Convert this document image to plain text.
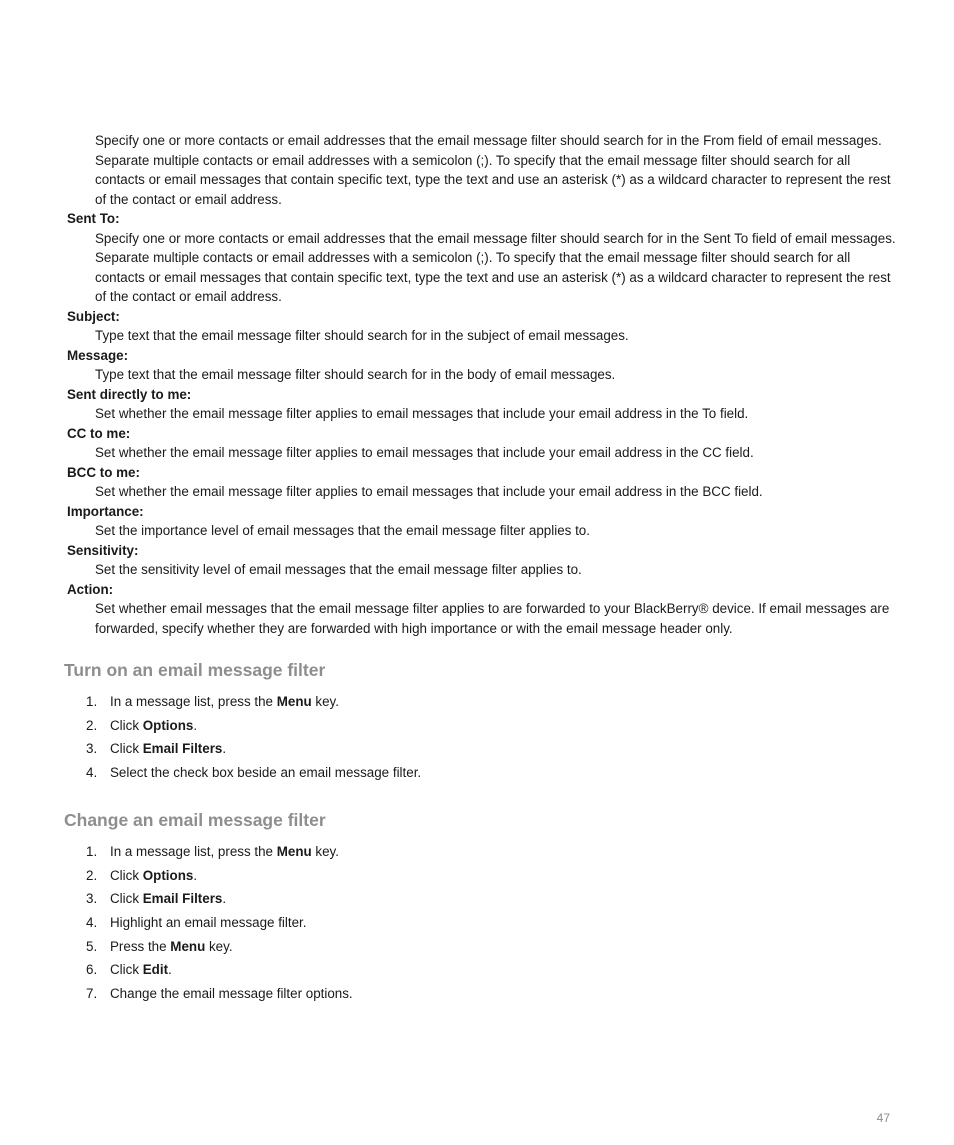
Specify one or more contacts or email addresses that the email message filter should search for in the From field of email messages. Separate multiple contacts or email addresses with a semicolon (;). To specify that the email message filter should search for all contacts or email messages that contain specific text, type the text and use an asterisk (*) as a wildcard character to represent the rest of the contact or email address.
Sent To:
Specify one or more contacts or email addresses that the email message filter should search for in the Sent To field of email messages. Separate multiple contacts or email addresses with a semicolon (;). To specify that the email message filter should search for all contacts or email messages that contain specific text, type the text and use an asterisk (*) as a wildcard character to represent the rest of the contact or email address.
Subject:
Type text that the email message filter should search for in the subject of email messages.
Message:
Type text that the email message filter should search for in the body of email messages.
Sent directly to me:
Set whether the email message filter applies to email messages that include your email address in the To field.
CC to me:
Set whether the email message filter applies to email messages that include your email address in the CC field.
BCC to me:
Set whether the email message filter applies to email messages that include your email address in the BCC field.
Importance:
Set the importance level of email messages that the email message filter applies to.
Sensitivity:
Set the sensitivity level of email messages that the email message filter applies to.
Action:
Set whether email messages that the email message filter applies to are forwarded to your BlackBerry® device. If email messages are forwarded, specify whether they are forwarded with high importance or with the email message header only.
Turn on an email message filter
1. In a message list, press the Menu key.
2. Click Options.
3. Click Email Filters.
4. Select the check box beside an email message filter.
Change an email message filter
1. In a message list, press the Menu key.
2. Click Options.
3. Click Email Filters.
4. Highlight an email message filter.
5. Press the Menu key.
6. Click Edit.
7. Change the email message filter options.
47
